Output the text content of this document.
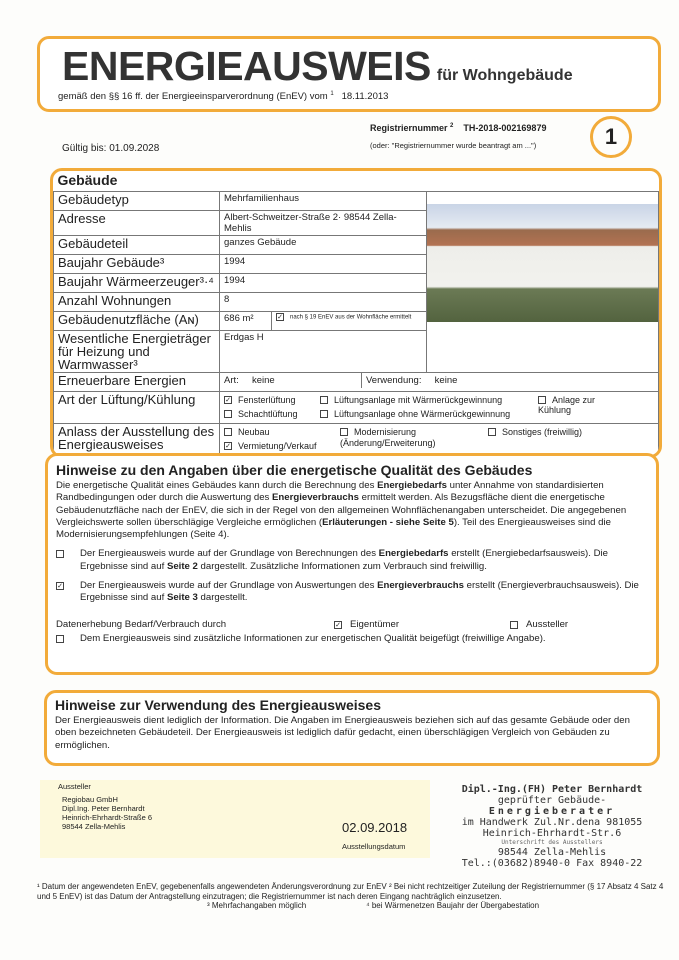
ENERGIEAUSWEIS für Wohngebäude
gemäß den §§ 16 ff. der Energieeinsparverordnung (EnEV) vom $^1$ 18.11.2013
Registriernummer $^2$ TH-2018-002169879
(oder: "Registriernummer wurde beantragt am ...")
Gültig bis: 01.09.2028	1
Gebäude			
Gebäudetyp	Mehrfamilienhaus		

Adresse	Albert-Schweitzer-Straße 2· 98544 Zella-Mehlis		
Gebäudeteil	ganzes Gebäude		
Baujahr Gebäude³	1994		
Baujahr Wärmeerzeuger³·⁴	1994		
Anzahl Wohnungen	8		
Gebäudenutzfläche (Aɴ)	686 m²	✓ nach § 19 EnEV aus der Wohnfläche ermittelt	
Wesentliche Energieträger für Heizung und Warmwasser³	Erdgas H		
Erneuerbare Energien	Art: keine Verwendung: keine		

Art der Lüftung/Kühlung	✓ Fensterlüftung Lüftungsanlage mit Wärmerückgewinnung Anlage zur Kühlung
Schachtlüftung Lüftungsanlage ohne Wärmerückgewinnung		

Anlass der Ausstellung des Energieausweises	Neubau Modernisierung (Änderung/Erweiterung)
Sonstiges (freiwillig)
✓ Vermietung/Verkauf		
Hinweise zu den Angaben über die energetische Qualität des Gebäudes

Die energetische Qualität eines Gebäudes kann durch die Berechnung des Energiebedarfs unter Annahme von standardisierten Randbedingungen oder durch die Auswertung des Energieverbrauchs ermittelt werden. Als Bezugsfläche dient die energetische Gebäudenutzfläche nach der EnEV, die sich in der Regel von den allgemeinen Wohnflächenangaben unterscheidet. Die angegebenen Vergleichswerte sollen überschlägige Vergleiche ermöglichen (Erläuterungen - siehe Seite 5). Teil des Energieausweises sind die Modernisierungsempfehlungen (Seite 4).

Der Energieausweis wurde auf der Grundlage von Berechnungen des Energiebedarfs erstellt (Energiebedarfsausweis). Die Ergebnisse sind auf Seite 2 dargestellt. Zusätzliche Informationen zum Verbrauch sind freiwillig.
✓ Der Energieausweis wurde auf der Grundlage von Auswertungen des Energieverbrauchs erstellt (Energieverbrauchsausweis). Die Ergebnisse sind auf Seite 3 dargestellt.
Datenerhebung Bedarf/Verbrauch durch	✓ Eigentümer	Aussteller
Dem Energieausweis sind zusätzliche Informationen zur energetischen Qualität beigefügt (freiwillige Angabe).
Hinweise zur Verwendung des Energieausweises

Der Energieausweis dient lediglich der Information. Die Angaben im Energieausweis beziehen sich auf das gesamte Gebäude oder den oben bezeichneten Gebäudeteil. Der Energieausweis ist lediglich dafür gedacht, einen überschlägigen Vergleich von Gebäuden zu ermöglichen.

Aussteller
Regiobau GmbH
Dipl.Ing. Peter Bernhardt
Heinrich-Ehrhardt-Straße 6
98544 Zella-Mehlis	02.09.2018
Ausstellungsdatum
Dipl.-Ing.(FH) Peter Bernhardt
geprüfter Gebäude-
Energieberater
im Handwerk Zul.Nr.dena 981055
Heinrich-Ehrhardt-Str.6
Unterschrift des Ausstellers
98544 Zella-Mehlis
Tel.:(03682)8940-0 Fax 8940-22
¹ Datum der angewendeten EnEV, gegebenenfalls angewendeten Änderungsverordnung zur EnEV ² Bei nicht rechtzeitiger Zuteilung der Registriernummer (§ 17 Absatz 4 Satz 4 und 5 EnEV) ist das Datum der Antragstellung einzutragen; die Registriernummer ist nach deren Eingang nachträglich einzusetzen.
³ Mehrfachangaben möglich	⁴ bei Wärmenetzen Baujahr der Übergabestation
